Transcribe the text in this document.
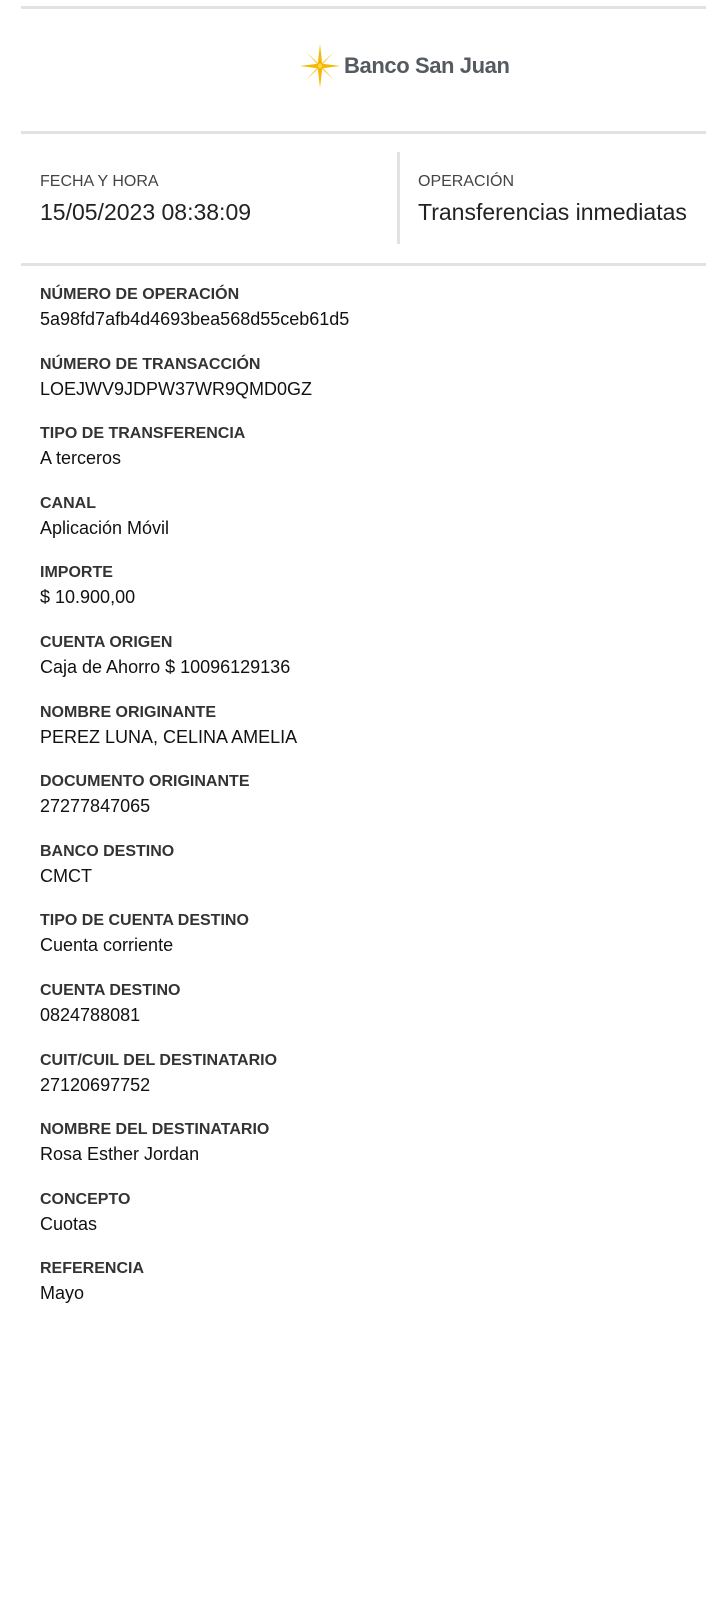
Banco San Juan
FECHA Y HORA
15/05/2023 08:38:09
OPERACIÓN
Transferencias inmediatas
NÚMERO DE OPERACIÓN
5a98fd7afb4d4693bea568d55ceb61d5
NÚMERO DE TRANSACCIÓN
LOEJWV9JDPW37WR9QMD0GZ
TIPO DE TRANSFERENCIA
A terceros
CANAL
Aplicación Móvil
IMPORTE
$ 10.900,00
CUENTA ORIGEN
Caja de Ahorro $ 10096129136
NOMBRE ORIGINANTE
PEREZ LUNA, CELINA AMELIA
DOCUMENTO ORIGINANTE
27277847065
BANCO DESTINO
CMCT
TIPO DE CUENTA DESTINO
Cuenta corriente
CUENTA DESTINO
0824788081
CUIT/CUIL DEL DESTINATARIO
27120697752
NOMBRE DEL DESTINATARIO
Rosa Esther Jordan
CONCEPTO
Cuotas
REFERENCIA
Mayo
